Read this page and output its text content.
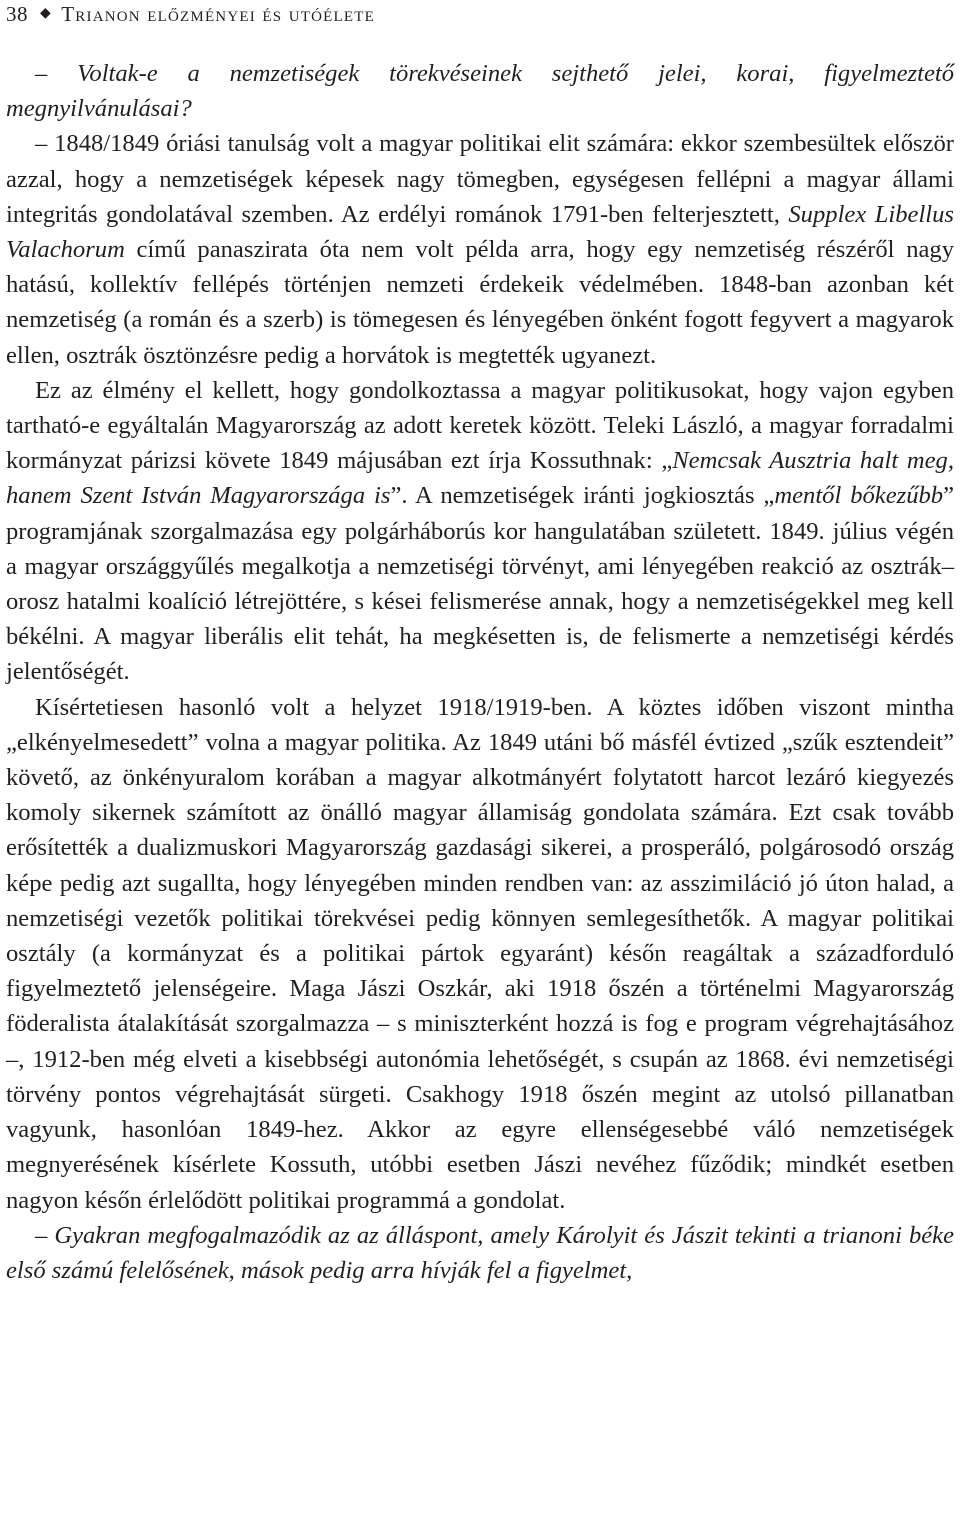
38 ◆ Trianon előzményei és utóélete

– Voltak-e a nemzetiségek törekvéseinek sejthető jelei, korai, figyelmeztető megnyilvánulásai?

– 1848/1849 óriási tanulság volt a magyar politikai elit számára: ekkor szembesültek először azzal, hogy a nemzetiségek képesek nagy tömegben, egységesen fellépni a magyar állami integritás gondolatával szemben. Az erdélyi románok 1791-ben felterjesztett, Supplex Libellus Valachorum című panaszirata óta nem volt példa arra, hogy egy nemzetiség részéről nagy hatású, kollektív fellépés történjen nemzeti érdekeik védelmében. 1848-ban azonban két nemzetiség (a román és a szerb) is tömegesen és lényegében önként fogott fegyvert a magyarok ellen, osztrák ösztönzésre pedig a horvátok is megtették ugyanezt.

Ez az élmény el kellett, hogy gondolkoztassa a magyar politikusokat, hogy vajon egyben tartható-e egyáltalán Magyarország az adott keretek között. Teleki László, a magyar forradalmi kormányzat párizsi követe 1849 májusában ezt írja Kossuthnak: „Nemcsak Ausztria halt meg, hanem Szent István Magyarországa is”. A nemzetiségek iránti jogkiosztás „mentől bőkezűbb” programjának szorgalmazása egy polgárháborús kor hangulatában született. 1849. július végén a magyar országgyűlés megalkotja a nemzetiségi törvényt, ami lényegében reakció az osztrák–orosz hatalmi koalíció létrejöttére, s kései felismerése annak, hogy a nemzetiségekkel meg kell békélni. A magyar liberális elit tehát, ha megkésetten is, de felismerte a nemzetiségi kérdés jelentőségét.

Kísértetiesen hasonló volt a helyzet 1918/1919-ben. A köztes időben viszont mintha „elkényelmesedett” volna a magyar politika. Az 1849 utáni bő másfél évtized „szűk esztendeit” követő, az önkényuralom korában a magyar alkotmányért folytatott harcot lezáró kiegyezés komoly sikernek számított az önálló magyar államiság gondolata számára. Ezt csak tovább erősítették a dualizmuskori Magyarország gazdasági sikerei, a prosperáló, polgárosodó ország képe pedig azt sugallta, hogy lényegében minden rendben van: az asszimiláció jó úton halad, a nemzetiségi vezetők politikai törekvései pedig könnyen semlegesíthetők. A magyar politikai osztály (a kormányzat és a politikai pártok egyaránt) későn reagáltak a századforduló figyelmeztető jelenségeire. Maga Jászi Oszkár, aki 1918 őszén a történelmi Magyarország föderalista átalakítását szorgalmazza – s miniszterként hozzá is fog e program végrehajtásához –, 1912-ben még elveti a kisebbségi autonómia lehetőségét, s csupán az 1868. évi nemzetiségi törvény pontos végrehajtását sürgeti. Csakhogy 1918 őszén megint az utolsó pillanatban vagyunk, hasonlóan 1849-hez. Akkor az egyre ellenségesebbé váló nemzetiségek megnyerésének kísérlete Kossuth, utóbbi esetben Jászi nevéhez fűződik; mindkét esetben nagyon későn érlelődött politikai programmá a gondolat.

– Gyakran megfogalmazódik az az álláspont, amely Károlyit és Jászit tekinti a trianoni béke első számú felelősének, mások pedig arra hívják fel a figyelmet,
